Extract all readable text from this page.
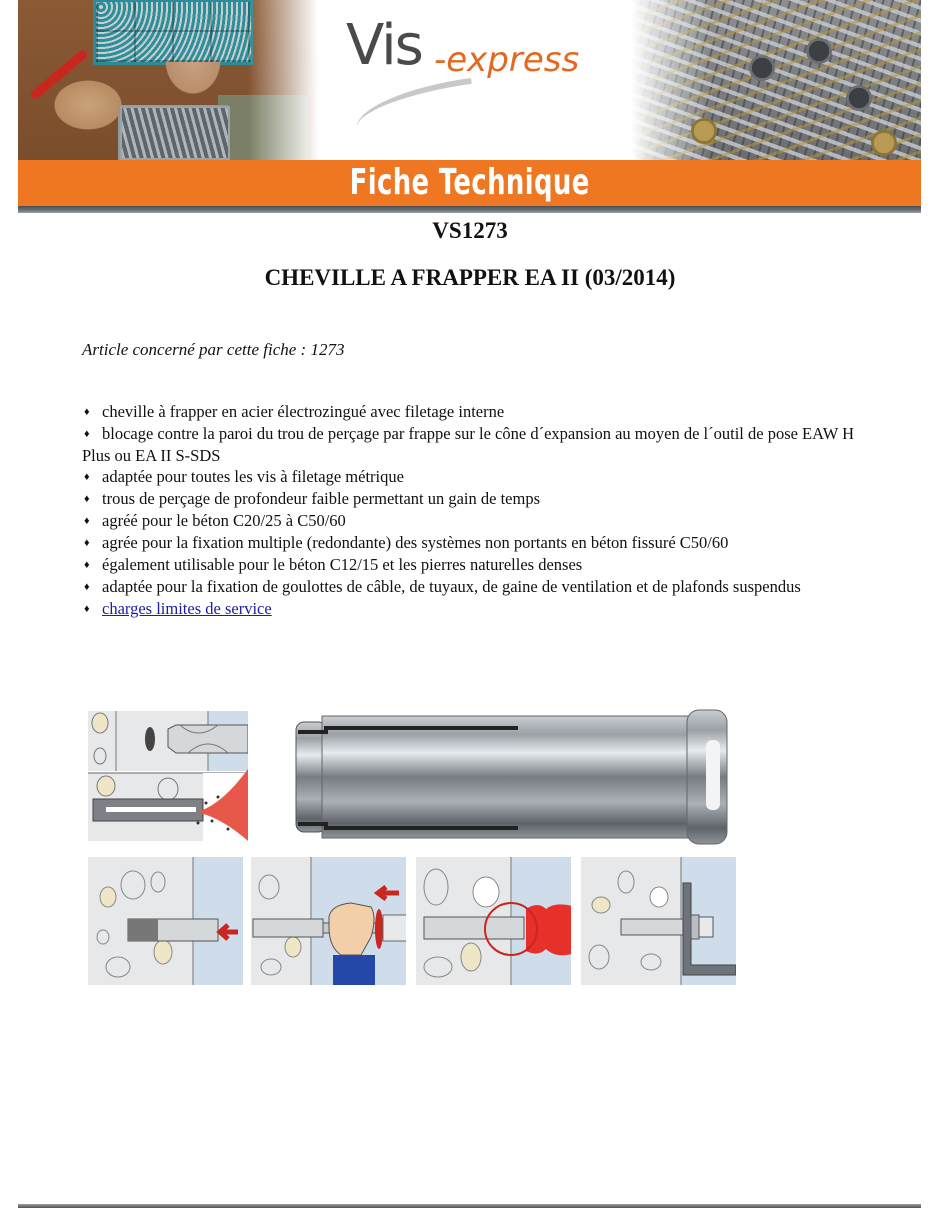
Vis -express
Fiche Technique
VS1273
CHEVILLE A FRAPPER EA II (03/2014)
Article concerné par cette fiche : 1273
♦ cheville à frapper en acier électrozingué avec filetage interne
♦ blocage contre la paroi du trou de perçage par frappe sur le cône d´expansion au moyen de l´outil de pose EAW H Plus ou EA II S-SDS
♦ adaptée pour toutes les vis à filetage métrique
♦ trous de perçage de profondeur faible permettant un gain de temps
♦ agréé pour le béton C20/25 à C50/60
♦ agrée pour la fixation multiple (redondante) des systèmes non portants en béton fissuré C50/60
♦ également utilisable pour le béton C12/15 et les pierres naturelles denses
♦ adaptée pour la fixation de goulottes de câble, de tuyaux, de gaine de ventilation et de plafonds suspendus
♦ charges limites de service
